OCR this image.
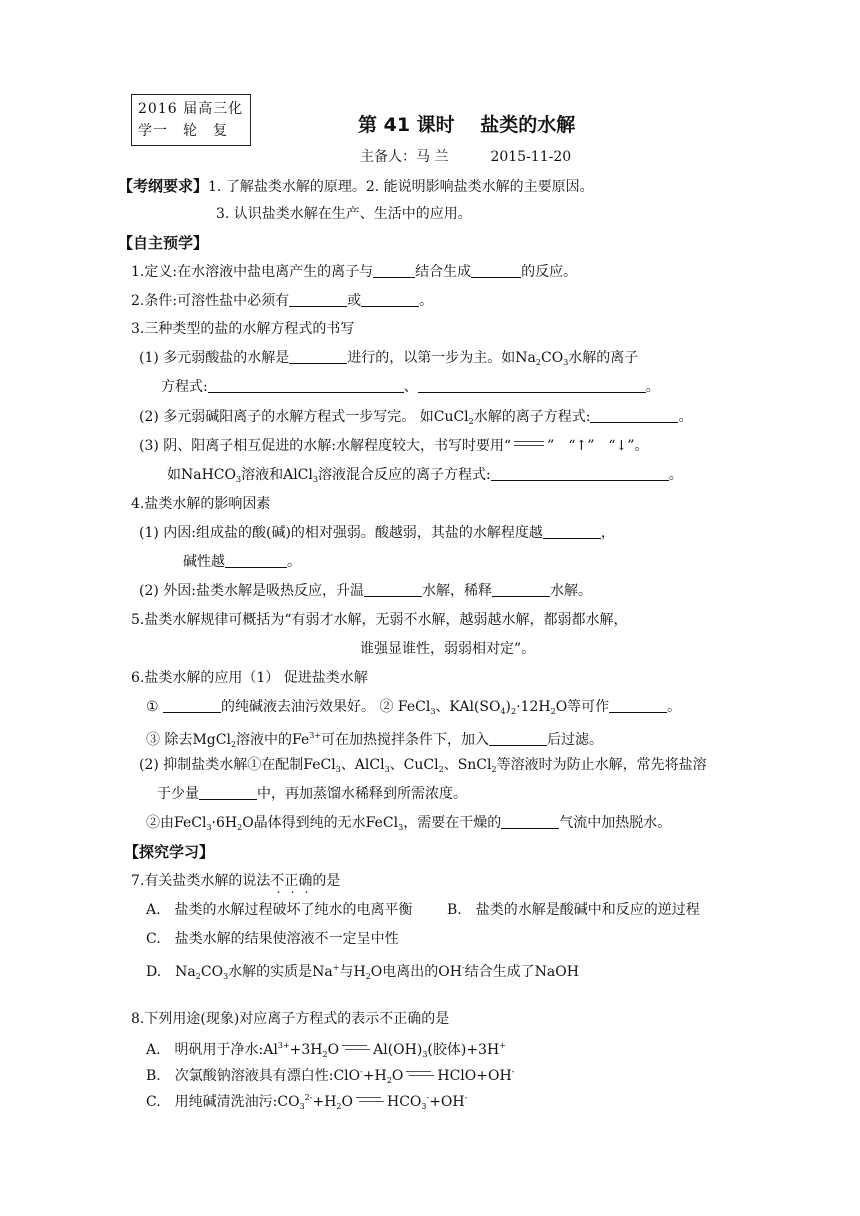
2016 届高三化
学一　轮　复	第 41 课时　 盐类的水解
主备人：马 兰　　　2015-11-20
【考纲要求】1. 了解盐类水解的原理。2. 能说明影响盐类水解的主要原因。
3. 认识盐类水解在生产、生活中的应用。
【自主预学】
1.定义:在水溶液中盐电离产生的离子与	结合生成	的反应。
2.条件:可溶性盐中必须有	或	。
3.三种类型的盐的水解方程式的书写
(1) 多元弱酸盐的水解是	进行的，以第一步为主。如$Na_2CO_3$水解的离子
方程式:	、	。
(2) 多元弱碱阳离子的水解方程式一步写完。 如CuCl$_2$水解的离子方程式:	。
(3) 阴、阳离子相互促进的水解:水解程度较大，书写时要用“	”　“↑”　“↓”。
如NaHCO$_3$溶液和AlCl$_3$溶液混合反应的离子方程式:	。
4.盐类水解的影响因素
(1) 内因:组成盐的酸(碱)的相对强弱。酸越弱，其盐的水解程度越	，
碱性越	。
(2) 外因:盐类水解是吸热反应，升温	水解，稀释	水解。
5.盐类水解规律可概括为“有弱才水解，无弱不水解，越弱越水解，都弱都水解，
谁强显谁性，弱弱相对定”。
6.盐类水解的应用（1） 促进盐类水解
①	的纯碱液去油污效果好。 ② FeCl$_3$、$KAl(SO_4)_2\cdot 12H_2O$等可作	。
③ 除去MgCl$_2$溶液中的$Fe^{3+}$可在加热搅拌条件下，加入	后过滤。
(2) 抑制盐类水解①在配制FeCl$_3$、AlCl$_3$、CuCl$_2$、SnCl$_2$等溶液时为防止水解，常先将盐溶
于少量	中，再加蒸馏水稀释到所需浓度。
②由$FeCl_3\cdot 6H_2O$晶体得到纯的无水FeCl$_3$，需要在干燥的	气流中加热脱水。
【探究学习】
7.有关盐类水解的说法不正确的是
A.　盐类的水解过程破坏了纯水的电离平衡 B.　盐类的水解是酸碱中和反应的逆过程
C.　盐类水解的结果使溶液不一定呈中性
D.　$Na_2CO_3$水解的实质是Na+与$H_2O$电离出的OH-结合生成了NaOH
8.下列用途(现象)对应离子方程式的表示不正确的是
A.　明矾用于净水$:Al^{3+}+3H_2O$ $Al(OH)_3$(胶体)+3H+
B.　次氯酸钠溶液具有漂白性$:ClO^-+H_2O$ HClO+OH-
C.　用纯碱清洗油污$:CO_3^{2-}+H_2O$ $HCO_3^-+OH^-$
